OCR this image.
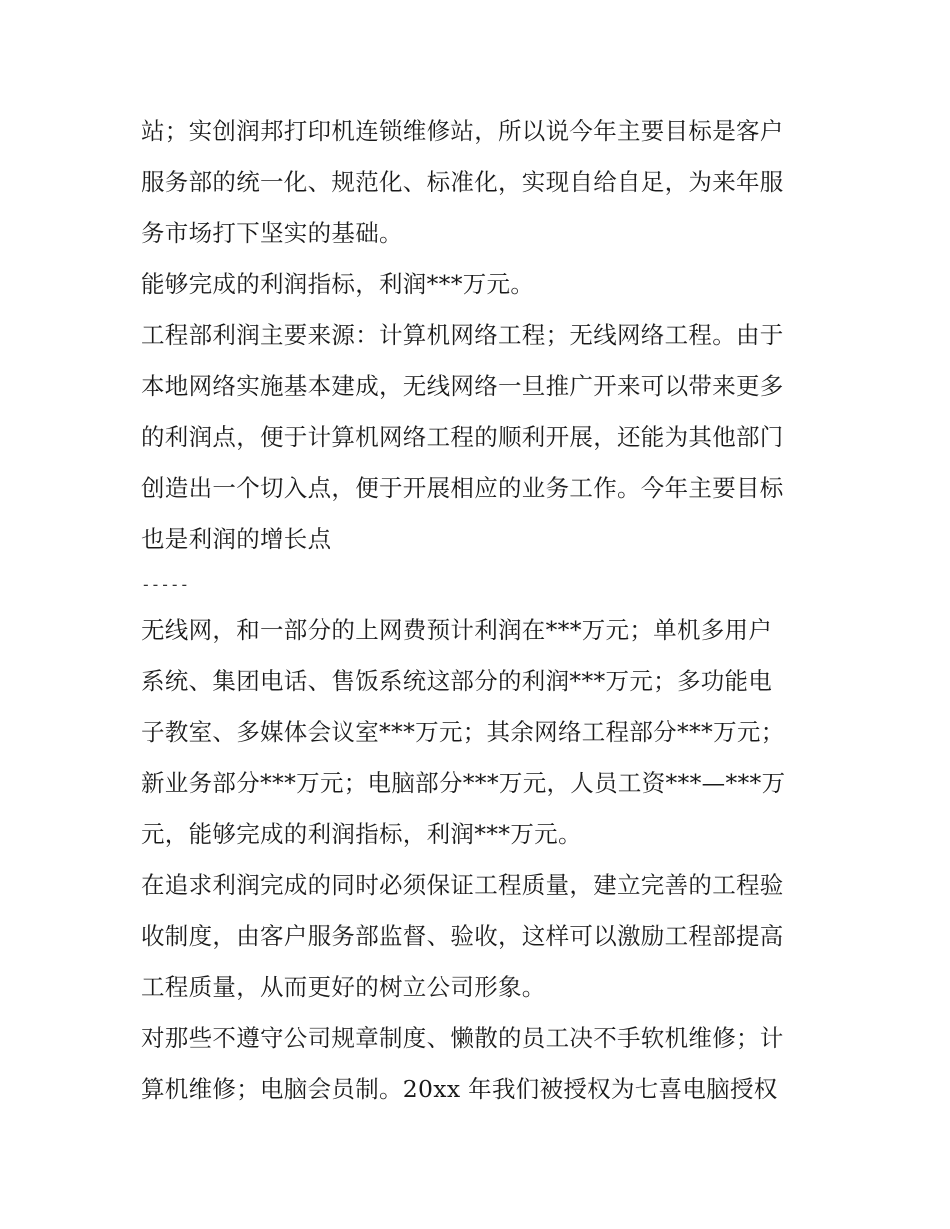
站；实创润邦打印机连锁维修站，所以说今年主要目标是客户
服务部的统一化、规范化、标准化，实现自给自足，为来年服
务市场打下坚实的基础。
能够完成的利润指标，利润***万元。
工程部利润主要来源：计算机网络工程；无线网络工程。由于
本地网络实施基本建成，无线网络一旦推广开来可以带来更多
的利润点，便于计算机网络工程的顺利开展，还能为其他部门
创造出一个切入点，便于开展相应的业务工作。今年主要目标
也是利润的增长点
-----
无线网，和一部分的上网费预计利润在***万元；单机多用户
系统、集团电话、售饭系统这部分的利润***万元；多功能电
子教室、多媒体会议室***万元；其余网络工程部分***万元；
新业务部分***万元；电脑部分***万元，人员工资***—***万
元，能够完成的利润指标，利润***万元。
在追求利润完成的同时必须保证工程质量，建立完善的工程验
收制度，由客户服务部监督、验收，这样可以激励工程部提高
工程质量，从而更好的树立公司形象。
对那些不遵守公司规章制度、懒散的员工决不手软机维修；计
算机维修；电脑会员制。20xx 年我们被授权为七喜电脑授权
